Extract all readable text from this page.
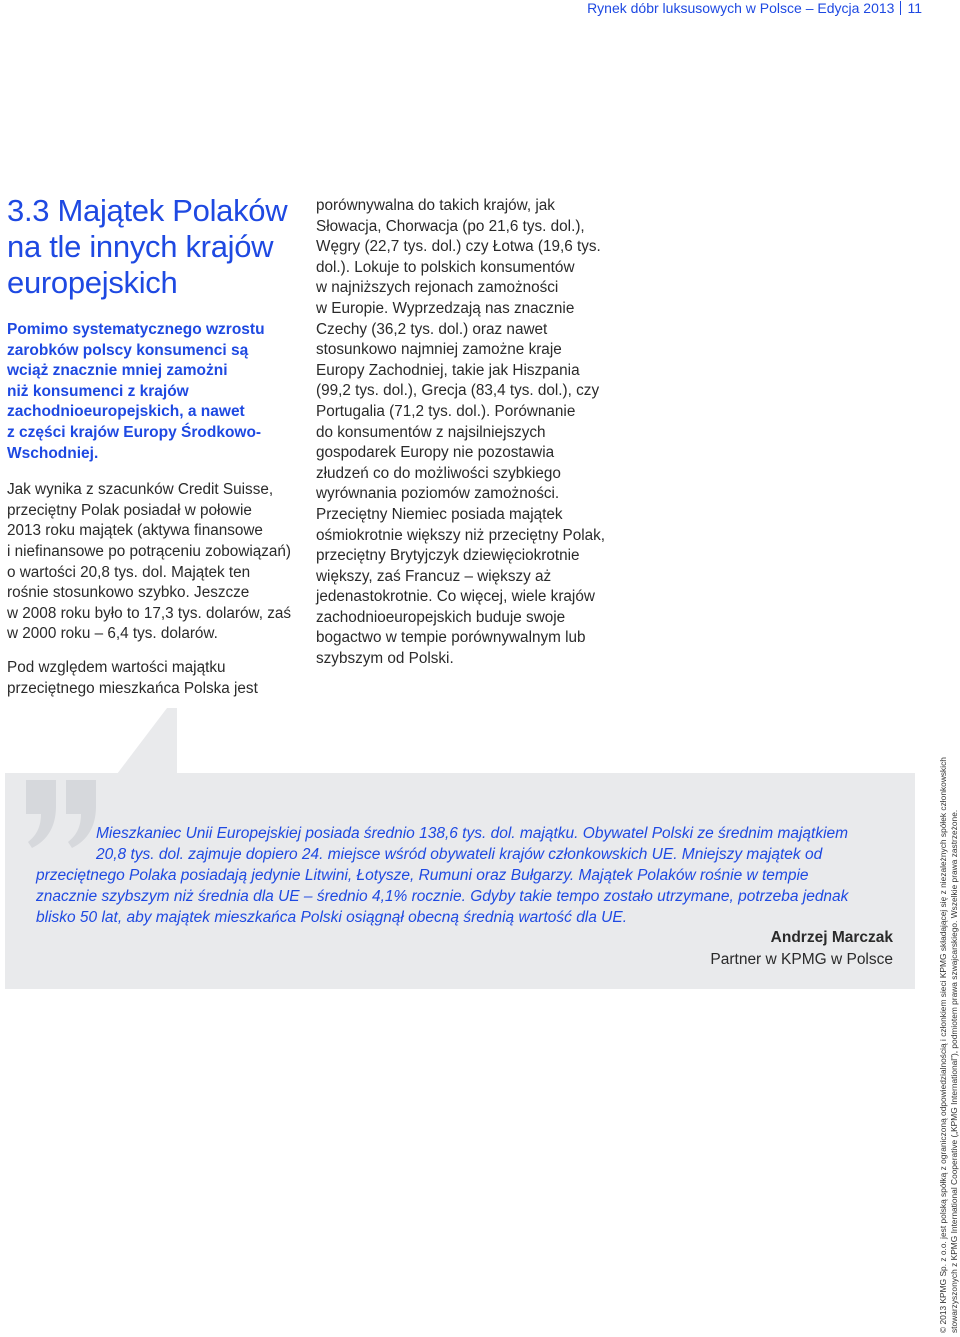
Rynek dóbr luksusowych w Polsce – Edycja 2013 11
3.3 Majątek Polaków
na tle innych krajów
europejskich

Pomimo systematycznego wzrostu
zarobków polscy konsumenci są
wciąż znacznie mniej zamożni
niż konsumenci z krajów
zachodnioeuropejskich, a nawet
z części krajów Europy Środkowo-
Wschodniej.

Jak wynika z szacunków Credit Suisse,
przeciętny Polak posiadał w połowie
2013 roku majątek (aktywa finansowe
i niefinansowe po potrąceniu zobowiązań)
o wartości 20,8 tys. dol. Majątek ten
rośnie stosunkowo szybko. Jeszcze
w 2008 roku było to 17,3 tys. dolarów, zaś
w 2000 roku – 6,4 tys. dolarów.

Pod względem wartości majątku
przeciętnego mieszkańca Polska jest

porównywalna do takich krajów, jak
Słowacja, Chorwacja (po 21,6 tys. dol.),
Węgry (22,7 tys. dol.) czy Łotwa (19,6 tys.
dol.). Lokuje to polskich konsumentów
w najniższych rejonach zamożności
w Europie. Wyprzedzają nas znacznie
Czechy (36,2 tys. dol.) oraz nawet
stosunkowo najmniej zamożne kraje
Europy Zachodniej, takie jak Hiszpania
(99,2 tys. dol.), Grecja (83,4 tys. dol.), czy
Portugalia (71,2 tys. dol.). Porównanie
do konsumentów z najsilniejszych
gospodarek Europy nie pozostawia
złudzeń co do możliwości szybkiego
wyrównania poziomów zamożności.
Przeciętny Niemiec posiada majątek
ośmiokrotnie większy niż przeciętny Polak,
przeciętny Brytyjczyk dziewięciokrotnie
większy, zaś Francuz – większy aż
jedenastokrotnie. Co więcej, wiele krajów
zachodnioeuropejskich buduje swoje
bogactwo w tempie porównywalnym lub
szybszym od Polski.

Mieszkaniec Unii Europejskiej posiada średnio 138,6 tys. dol. majątku. Obywatel Polski ze średnim majątkiem
20,8 tys. dol. zajmuje dopiero 24. miejsce wśród obywateli krajów członkowskich UE. Mniejszy majątek od
przeciętnego Polaka posiadają jedynie Litwini, Łotysze, Rumuni oraz Bułgarzy. Majątek Polaków rośnie w tempie
znacznie szybszym niż średnia dla UE – średnio 4,1% rocznie. Gdyby takie tempo zostało utrzymane, potrzeba jednak
blisko 50 lat, aby majątek mieszkańca Polski osiągnął obecną średnią wartość dla UE.
Andrzej Marczak
Partner w KPMG w Polsce	© 2013 KPMG Sp. z o.o. jest polską spółką z ograniczoną odpowiedzialnością i członkiem sieci KPMG składającej się z niezależnych spółek członkowskich stowarzyszonych z KPMG International Cooperative („KPMG International”), podmiotem prawa szwajcarskiego. Wszelkie prawa zastrzeżone.
